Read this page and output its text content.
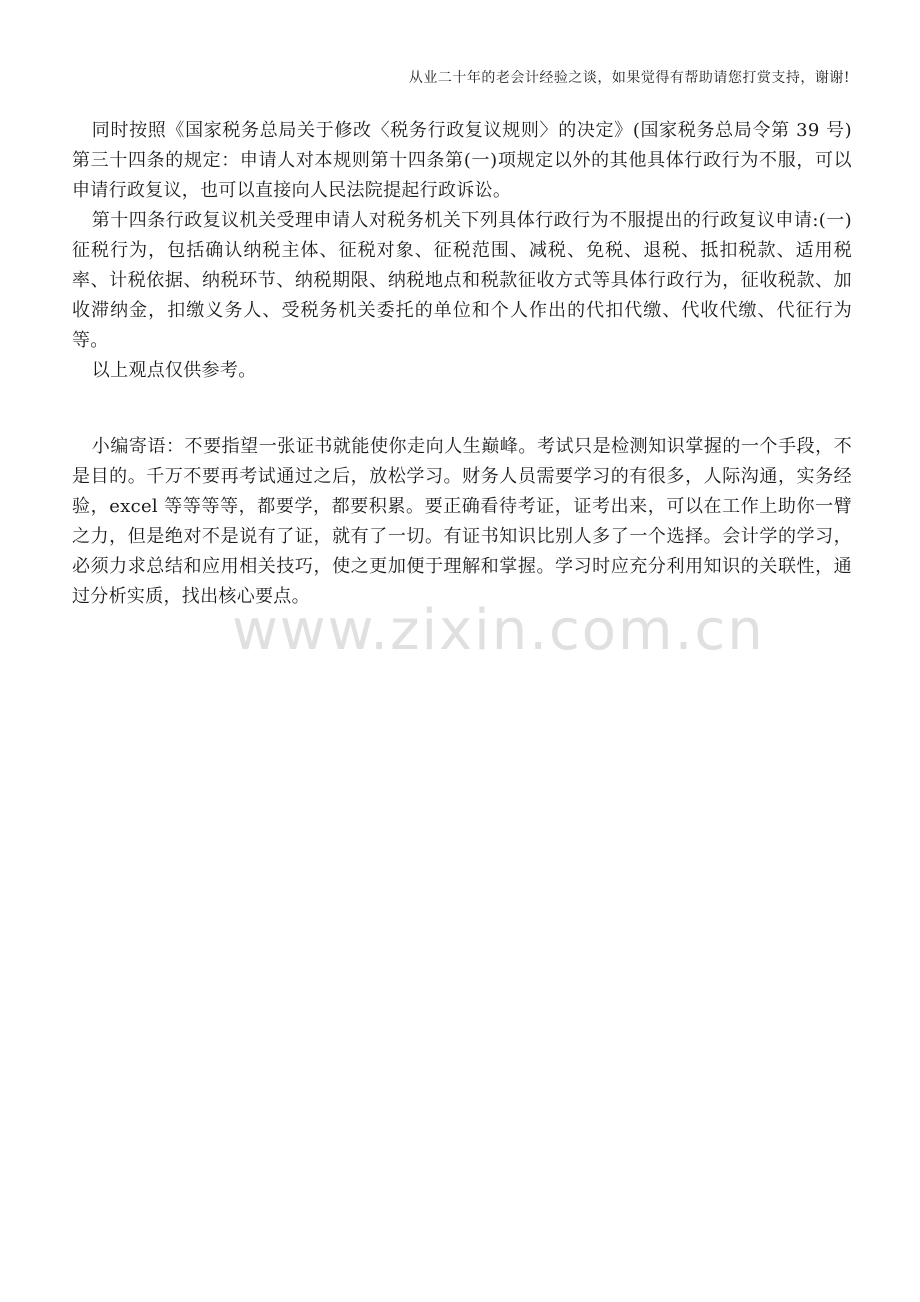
从业二十年的老会计经验之谈，如果觉得有帮助请您打赏支持，谢谢!

同时按照《国家税务总局关于修改〈税务行政复议规则〉的决定》(国家税务总局令第 39 号) 第三十四条的规定：申请人对本规则第十四条第(一)项规定以外的其他具体行政行为不服，可以申请行政复议，也可以直接向人民法院提起行政诉讼。

第十四条行政复议机关受理申请人对税务机关下列具体行政行为不服提出的行政复议申请:(一)征税行为，包括确认纳税主体、征税对象、征税范围、减税、免税、退税、抵扣税款、适用税率、计税依据、纳税环节、纳税期限、纳税地点和税款征收方式等具体行政行为，征收税款、加收滞纳金，扣缴义务人、受税务机关委托的单位和个人作出的代扣代缴、代收代缴、代征行为等。

以上观点仅供参考。

小编寄语：不要指望一张证书就能使你走向人生巅峰。考试只是检测知识掌握的一个手段，不是目的。千万不要再考试通过之后，放松学习。财务人员需要学习的有很多，人际沟通，实务经验，excel 等等等等，都要学，都要积累。要正确看待考证，证考出来，可以在工作上助你一臂之力，但是绝对不是说有了证，就有了一切。有证书知识比别人多了一个选择。会计学的学习，必须力求总结和应用相关技巧，使之更加便于理解和掌握。学习时应充分利用知识的关联性，通过分析实质，找出核心要点。

www.zixin.com.cn
